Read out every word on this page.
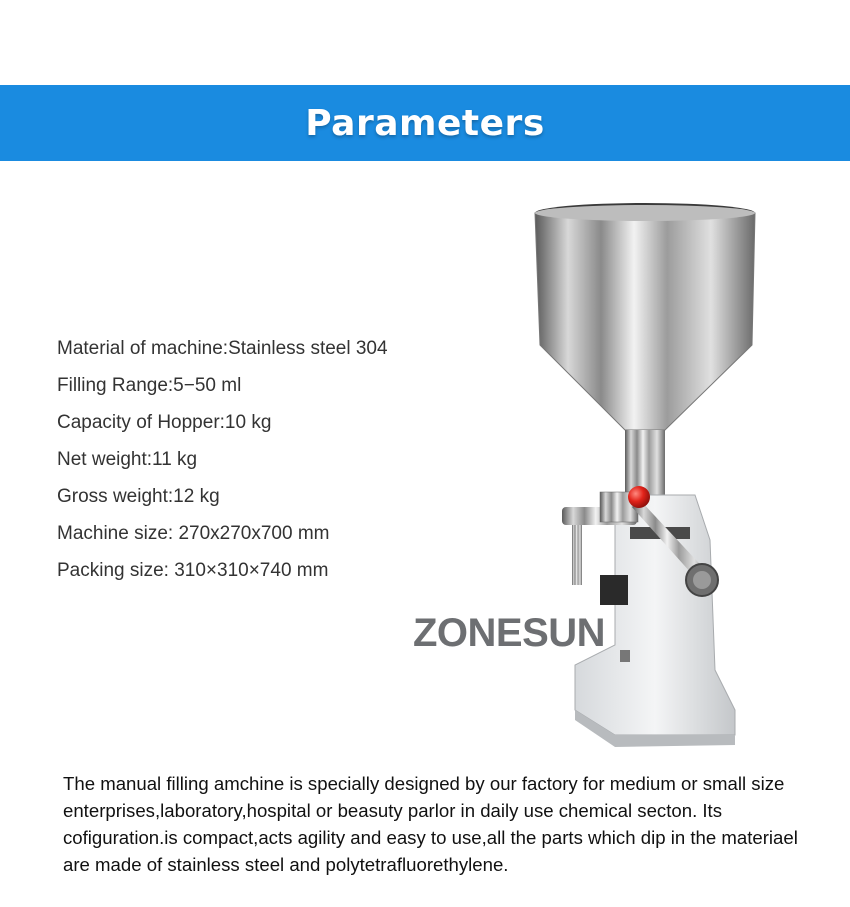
Parameters
Material of machine:Stainless steel 304
Filling Range:5−50 ml
Capacity of Hopper:10 kg
Net weight:11 kg
Gross weight:12 kg
Machine size: 270x270x700 mm
Packing size: 310×310×740 mm
ZONESUN

The manual filling amchine is specially designed by our factory for medium or small size enterprises,laboratory,hospital or beasuty parlor in daily use chemical secton. Its cofiguration.is compact,acts agility and easy to use,all the parts which dip in the materiael are made of stainless steel and polytetrafluorethylene.
